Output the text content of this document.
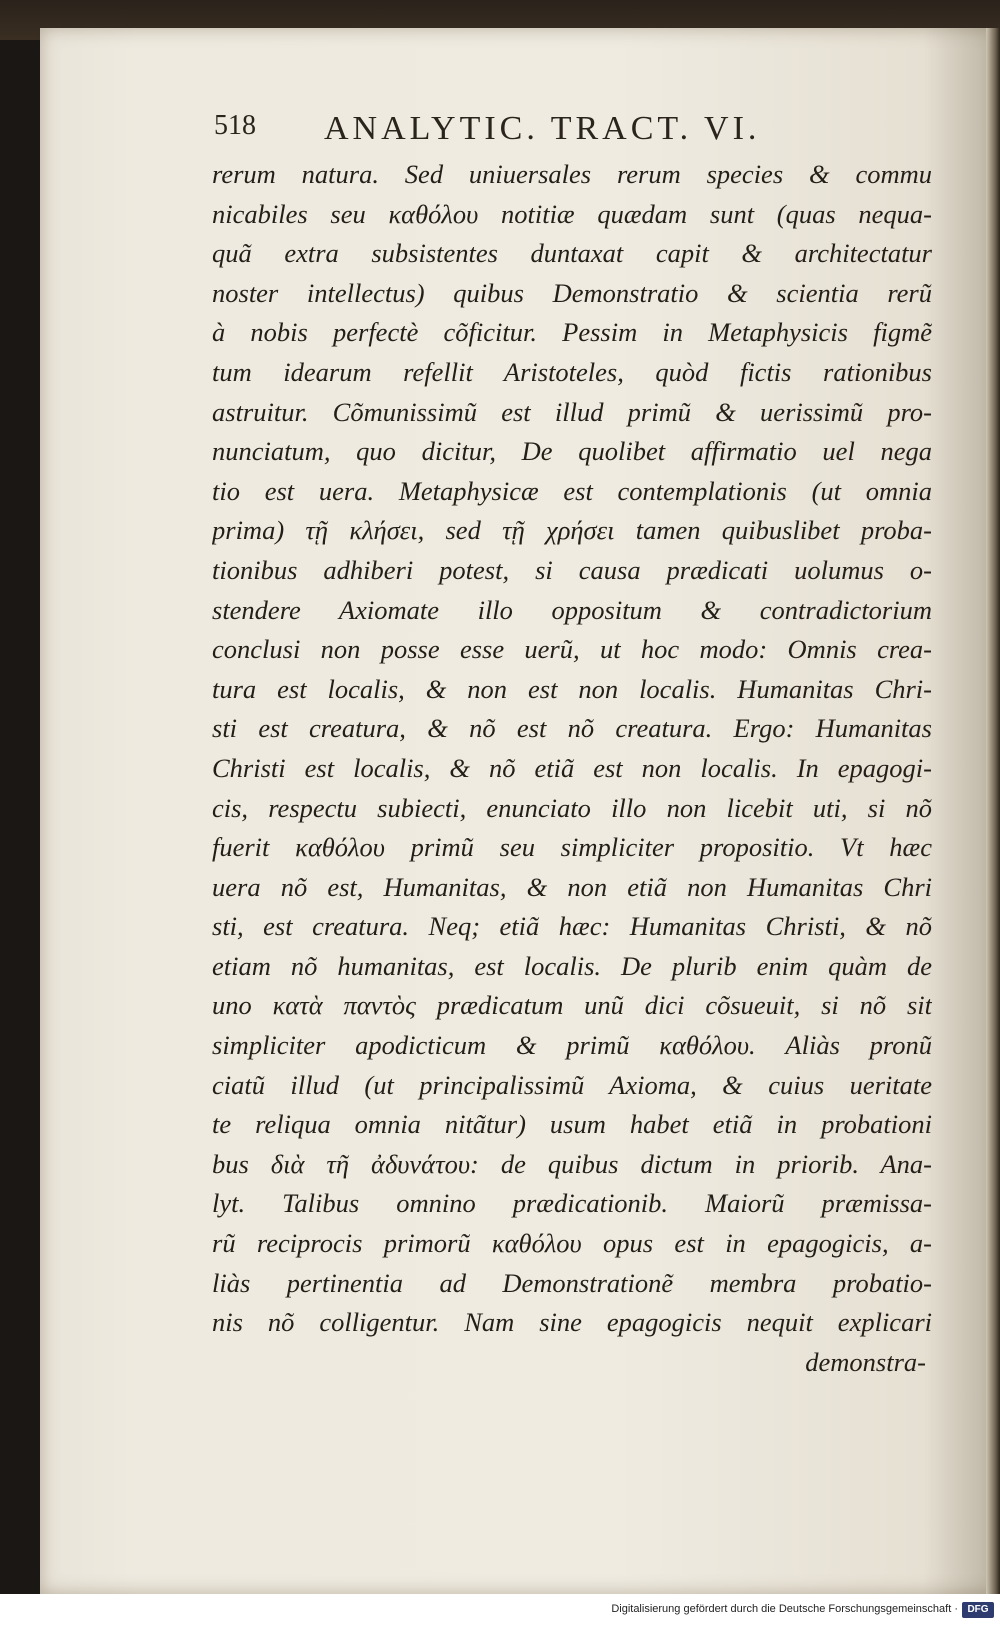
518 ANALYTIC. TRACT. VI.
rerum natura. Sed uniuersales rerum species & commu
nicabiles seu καθόλου notitiæ quædam sunt (quas nequa-
quã extra subsistentes duntaxat capit & architectatur
noster intellectus) quibus Demonstratio & scientia rerũ
à nobis perfectè cõficitur. Pessim in Metaphysicis figmẽ
tum idearum refellit Aristoteles, quòd fictis rationibus
astruitur. Cõmunissimũ est illud primũ & uerissimũ pro-
nunciatum, quo dicitur, De quolibet affirmatio uel nega
tio est uera. Metaphysicæ est contemplationis (ut omnia
prima) τῇ κλήσει, sed τῇ χρήσει tamen quibuslibet proba-
tionibus adhiberi potest, si causa prædicati uolumus o-
stendere Axiomate illo oppositum & contradictorium
conclusi non posse esse uerũ, ut hoc modo: Omnis crea-
tura est localis, & non est non localis. Humanitas Chri-
sti est creatura, & nõ est nõ creatura. Ergo: Humanitas
Christi est localis, & nõ etiã est non localis. In epagogi-
cis, respectu subiecti, enunciato illo non licebit uti, si nõ
fuerit καθόλου primũ seu simpliciter propositio. Vt hæc
uera nõ est, Humanitas, & non etiã non Humanitas Chri
sti, est creatura. Neq; etiã hæc: Humanitas Christi, & nõ
etiam nõ humanitas, est localis. De plurib enim quàm de
uno κατὰ παντὸς prædicatum unũ dici cõsueuit, si nõ sit
simpliciter apodicticum & primũ καθόλου. Aliàs pronũ
ciatũ illud (ut principalissimũ Axioma, & cuius ueritate
te reliqua omnia nitãtur) usum habet etiã in probationi
bus διὰ τῆ ἀδυνάτου: de quibus dictum in priorib. Ana-
lyt. Talibus omnino prædicationib. Maiorũ præmissa-
rũ reciprocis primorũ καθόλου opus est in epagogicis, a-
liàs pertinentia ad Demonstrationẽ membra probatio-
nis nõ colligentur. Nam sine epagogicis nequit explicari
demonstra-
Digitalisierung gefördert durch die Deutsche Forschungsgemeinschaft · DFG
